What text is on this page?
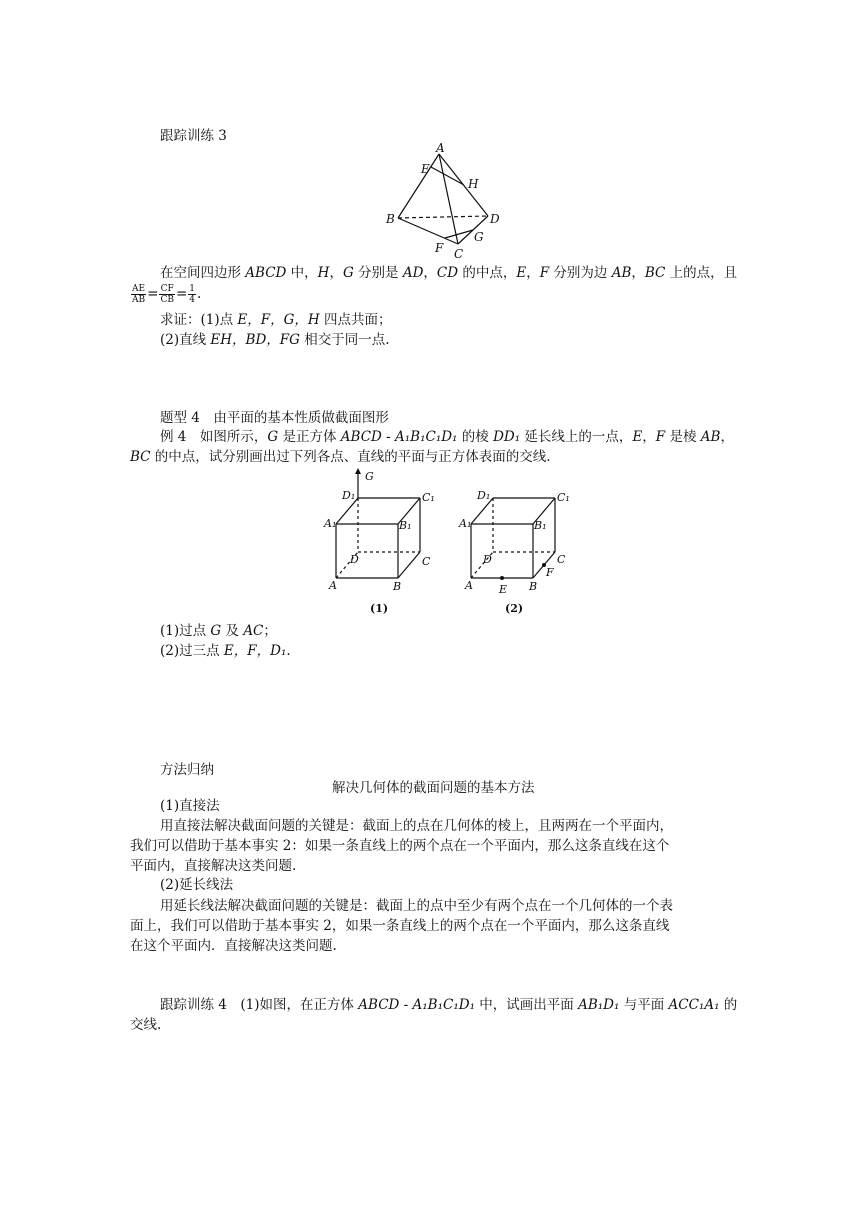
跟踪训练 3
A
E
H
B	D
F
G
C
在空间四边形 ABCD 中，H，G 分别是 AD，CD 的中点，E，F 分别为边 AB，BC 上的点，且
$\frac{AE}{AB} = \frac{CF}{CB} = \frac{1}{4}$ .
求证：(1)点 E，F，G，H 四点共面；
(2)直线 EH，BD，FG 相交于同一点.
题型 4　由平面的基本性质做截面图形
例 4　如图所示，G 是正方体 ABCD - A₁B₁C₁D₁ 的棱 DD₁ 延长线上的一点，E，F 是棱 AB，
BC 的中点，试分别画出过下列各点、直线的平面与正方体表面的交线.
G
D₁	C₁
A₁	B₁
D	C
A	B
(1)
D₁	C₁
A₁	B₁
D	C
A E B
F
(2)
(1)过点 G 及 AC；
(2)过三点 E，F，D₁.
方法归纳
解决几何体的截面问题的基本方法
(1)直接法
用直接法解决截面问题的关键是：截面上的点在几何体的棱上，且两两在一个平面内，
我们可以借助于基本事实 2：如果一条直线上的两个点在一个平面内，那么这条直线在这个
平面内，直接解决这类问题.
(2)延长线法
用延长线法解决截面问题的关键是：截面上的点中至少有两个点在一个几何体的一个表
面上，我们可以借助于基本事实 2，如果一条直线上的两个点在一个平面内，那么这条直线
在这个平面内．直接解决这类问题.
跟踪训练 4　(1)如图，在正方体 ABCD - A₁B₁C₁D₁ 中，试画出平面 AB₁D₁ 与平面 ACC₁A₁ 的
交线.
